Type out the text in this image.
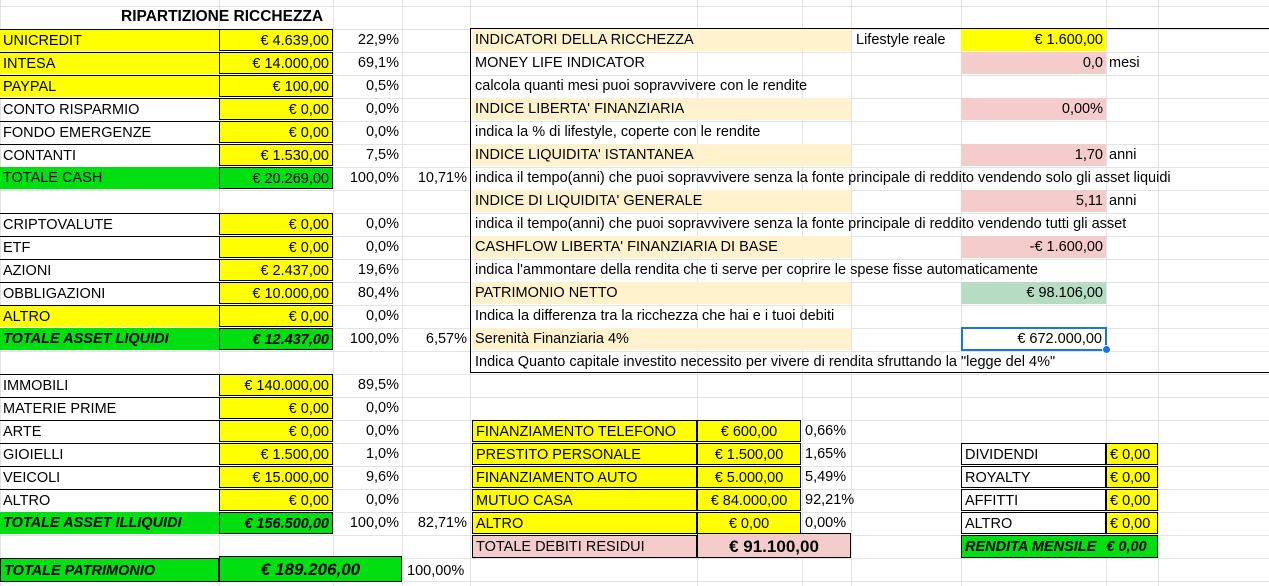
RIPARTIZIONE RICCHEZZA
UNICREDIT	€ 4.639,00	22,9%
INTESA	€ 14.000,00	69,1%
PAYPAL	€ 100,00	0,5%
CONTO RISPARMIO	€ 0,00	0,0%
FONDO EMERGENZE	€ 0,00	0,0%
CONTANTI	€ 1.530,00	7,5%
TOTALE CASH	€ 20.269,00	100,0%	10,71%
CRIPTOVALUTE	€ 0,00	0,0%
ETF	€ 0,00	0,0%
AZIONI	€ 2.437,00	19,6%
OBBLIGAZIONI	€ 10.000,00	80,4%
ALTRO	€ 0,00	0,0%
TOTALE ASSET LIQUIDI	€ 12.437,00	100,0%	6,57%
IMMOBILI	€ 140.000,00	89,5%
MATERIE PRIME	€ 0,00	0,0%
ARTE	€ 0,00	0,0%
GIOIELLI	€ 1.500,00	1,0%
VEICOLI	€ 15.000,00	9,6%
ALTRO	€ 0,00	0,0%
TOTALE ASSET ILLIQUIDI	€ 156.500,00	100,0%	82,71%
TOTALE PATRIMONIO	€ 189.206,00	100,00%
INDICATORI DELLA RICCHEZZA	Lifestyle reale	€ 1.600,00
MONEY LIFE INDICATOR	0,0 mesi
calcola quanti mesi puoi sopravvivere con le rendite
INDICE LIBERTA' FINANZIARIA	0,00%
indica la % di lifestyle, coperte con le rendite
INDICE LIQUIDITA' ISTANTANEA	1,70 anni
indica il tempo(anni) che puoi sopravvivere senza la fonte principale di reddito vendendo solo gli asset liquidi
INDICE DI LIQUIDITA' GENERALE	5,11 anni
indica il tempo(anni) che puoi sopravvivere senza la fonte principale di reddito vendendo tutti gli asset
CASHFLOW LIBERTA' FINANZIARIA DI BASE	-€ 1.600,00
indica l'ammontare della rendita che ti serve per coprire le spese fisse automaticamente
PATRIMONIO NETTO	€ 98.106,00
Indica la differenza tra la ricchezza che hai e i tuoi debiti
Serenità Finanziaria 4%	€ 672.000,00
Indica Quanto capitale investito necessito per vivere di rendita sfruttando la "legge del 4%"
FINANZIAMENTO TELEFONO	€ 600,00	0,66%
PRESTITO PERSONALE	€ 1.500,00	1,65%
FINANZIAMENTO AUTO	€ 5.000,00	5,49%
MUTUO CASA	€ 84.000,00	92,21%
ALTRO	€ 0,00	0,00%
TOTALE DEBITI RESIDUI	€ 91.100,00
DIVIDENDI	€ 0,00
ROYALTY	€ 0,00
AFFITTI	€ 0,00
ALTRO	€ 0,00
RENDITA MENSILE € 0,00
